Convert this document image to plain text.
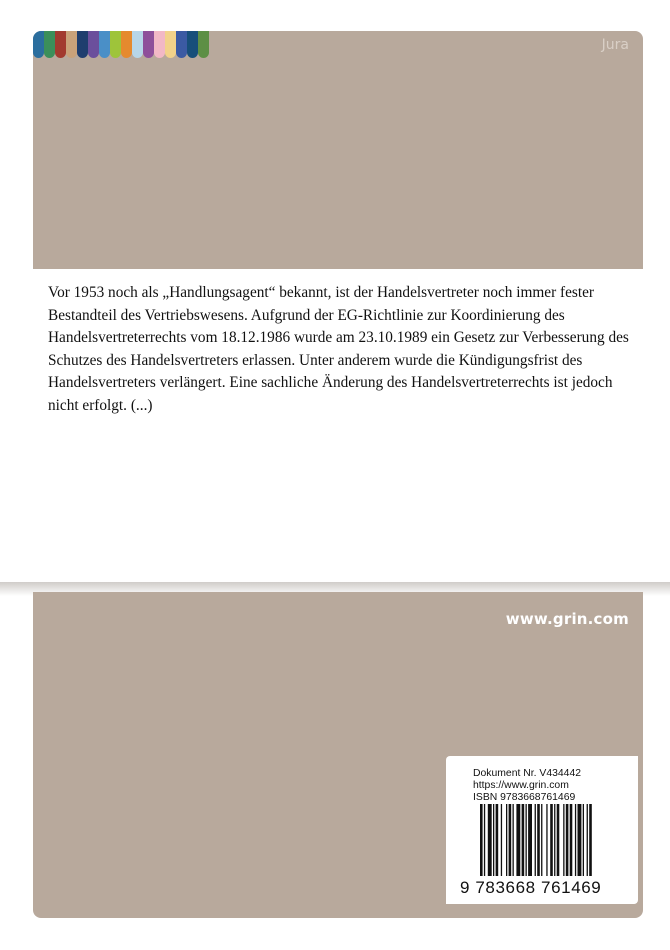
Jura

Vor 1953 noch als „Handlungsagent“ bekannt, ist der Handelsvertreter noch immer fester Bestandteil des Vertriebswesens. Aufgrund der EG-Richtlinie zur Koordinierung des Handelsvertreterrechts vom 18.12.1986 wurde am 23.10.1989 ein Gesetz zur Verbesserung des Schutzes des Handelsvertreters erlassen. Unter anderem wurde die Kündigungsfrist des Handelsvertreters verlängert. Eine sachliche Änderung des Handelsvertreterrechts ist jedoch nicht erfolgt. (...)

www.grin.com
Dokument Nr. V434442
https://www.grin.com
ISBN 9783668761469
9 783668 761469
